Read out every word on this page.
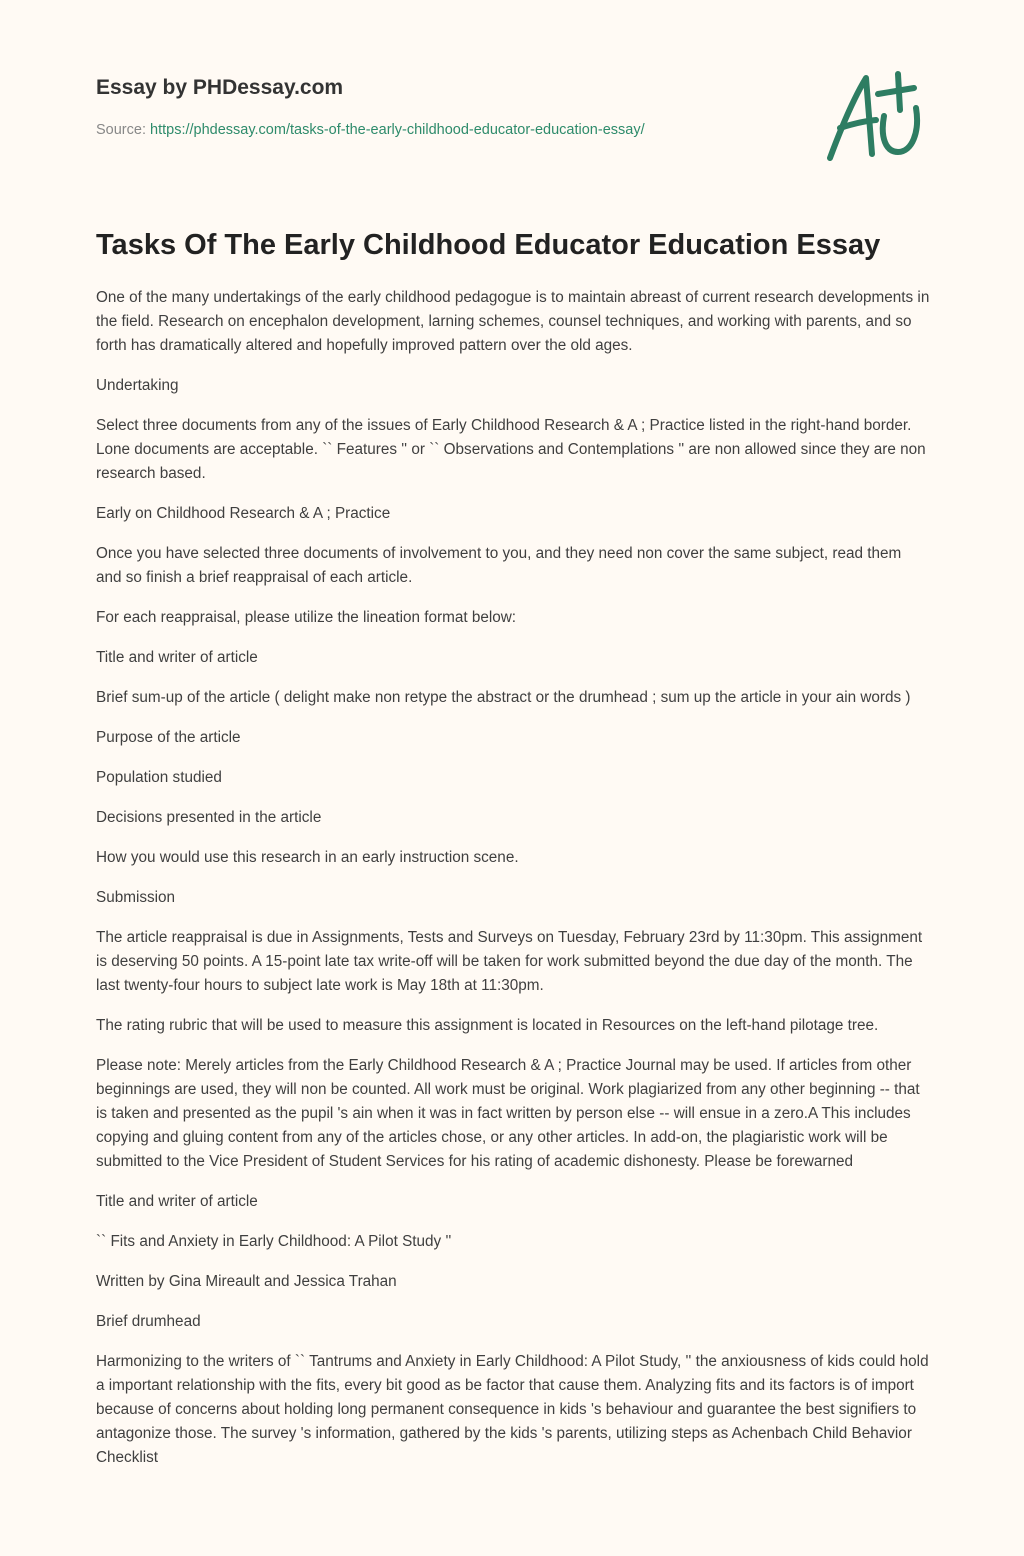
Essay by PHDessay.com

Source: https://phdessay.com/tasks-of-the-early-childhood-educator-education-essay/
Tasks Of The Early Childhood Educator Education Essay

One of the many undertakings of the early childhood pedagogue is to maintain abreast of current research developments in the field. Research on encephalon development, larning schemes, counsel techniques, and working with parents, and so forth has dramatically altered and hopefully improved pattern over the old ages.

Undertaking

Select three documents from any of the issues of Early Childhood Research & A ; Practice listed in the right-hand border. Lone documents are acceptable. `` Features '' or `` Observations and Contemplations '' are non allowed since they are non research based.

Early on Childhood Research & A ; Practice

Once you have selected three documents of involvement to you, and they need non cover the same subject, read them and so finish a brief reappraisal of each article.

For each reappraisal, please utilize the lineation format below:

Title and writer of article

Brief sum-up of the article ( delight make non retype the abstract or the drumhead ; sum up the article in your ain words )

Purpose of the article

Population studied

Decisions presented in the article

How you would use this research in an early instruction scene.

Submission

The article reappraisal is due in Assignments, Tests and Surveys on Tuesday, February 23rd by 11:30pm. This assignment is deserving 50 points. A 15-point late tax write-off will be taken for work submitted beyond the due day of the month. The last twenty-four hours to subject late work is May 18th at 11:30pm.

The rating rubric that will be used to measure this assignment is located in Resources on the left-hand pilotage tree.

Please note: Merely articles from the Early Childhood Research & A ; Practice Journal may be used. If articles from other beginnings are used, they will non be counted. All work must be original. Work plagiarized from any other beginning -- that is taken and presented as the pupil 's ain when it was in fact written by person else -- will ensue in a zero.A This includes copying and gluing content from any of the articles chose, or any other articles. In add-on, the plagiaristic work will be submitted to the Vice President of Student Services for his rating of academic dishonesty. Please be forewarned

Title and writer of article

`` Fits and Anxiety in Early Childhood: A Pilot Study ''

Written by Gina Mireault and Jessica Trahan

Brief drumhead

Harmonizing to the writers of `` Tantrums and Anxiety in Early Childhood: A Pilot Study, '' the anxiousness of kids could hold a important relationship with the fits, every bit good as be factor that cause them. Analyzing fits and its factors is of import because of concerns about holding long permanent consequence in kids 's behaviour and guarantee the best signifiers to antagonize those. The survey 's information, gathered by the kids 's parents, utilizing steps as Achenbach Child Behavior Checklist
